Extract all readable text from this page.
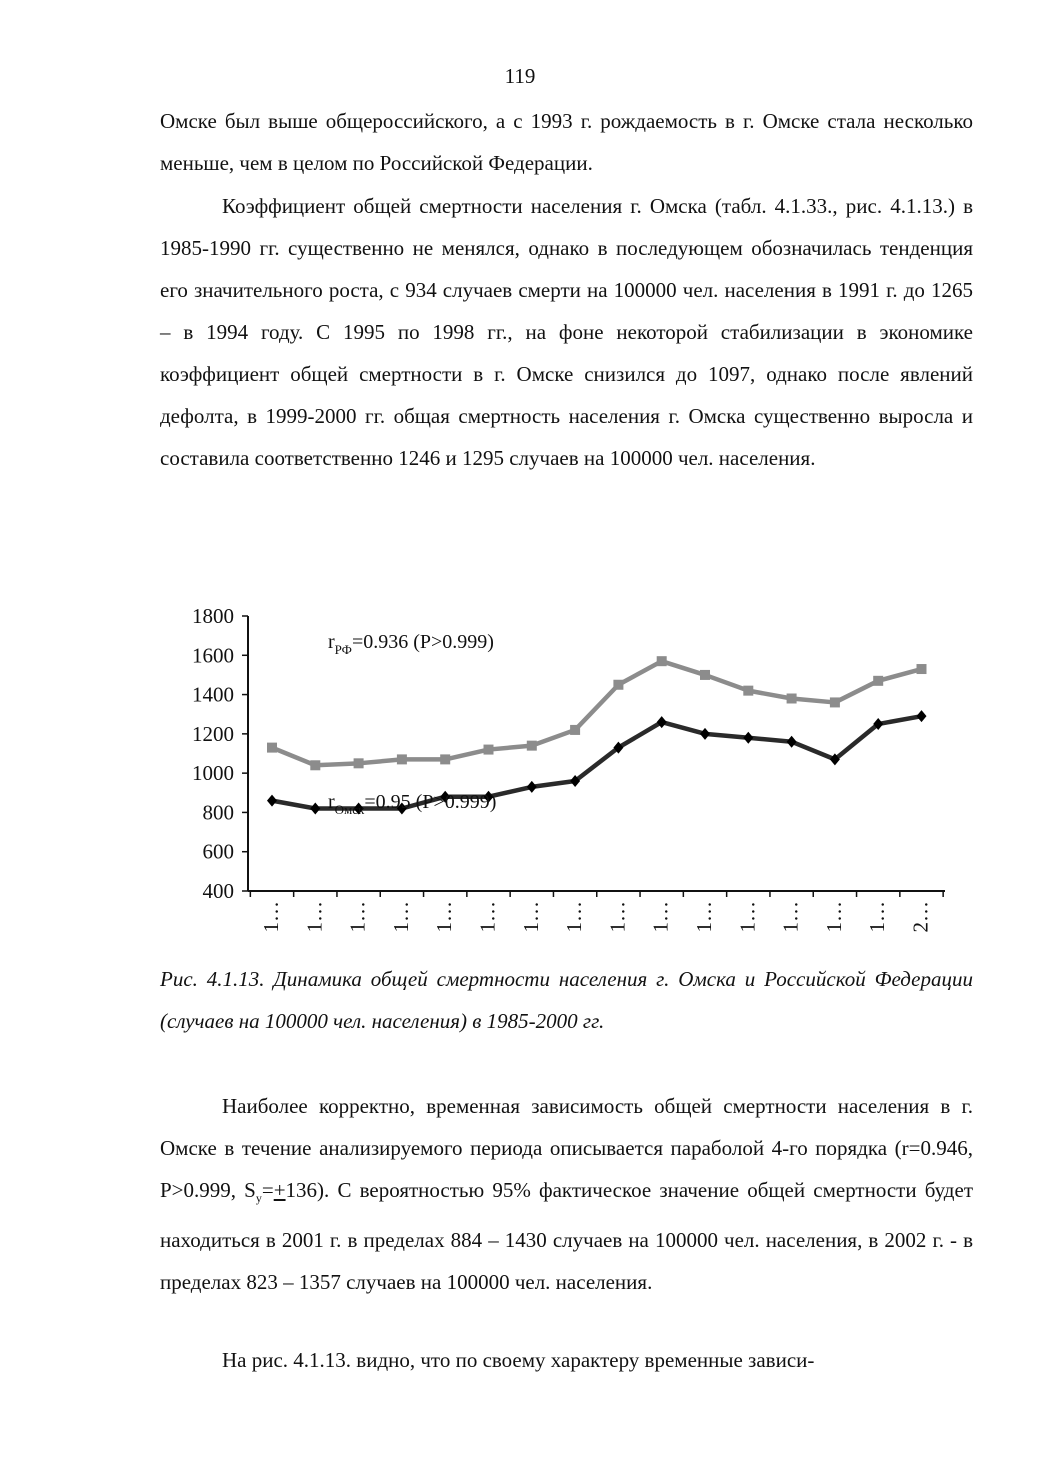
119

Омске был выше общероссийского, а с 1993 г. рождаемость в г. Омске стала несколько меньше, чем в целом по Российской Федерации.

Коэффициент общей смертности населения г. Омска (табл. 4.1.33., рис. 4.1.13.) в 1985-1990 гг. существенно не менялся, однако в последующем обозначилась тенденция его значительного роста, с 934 случаев смерти на 100000 чел. населения в 1991 г. до 1265 – в 1994 году. С 1995 по 1998 гг., на фоне некоторой стабилизации в экономике коэффициент общей смертности в г. Омске снизился до 1097, однако после явлений дефолта, в 1999-2000 гг. общая смертность населения г. Омска существенно выросла и составила соответственно 1246 и 1295 случаев на 100000 чел. населения.

400
600
800
1000
1200
1400
1600
1800
1… 1… 1… 1… 1… 1… 1… 1… 1… 1… 1… 1… 1… 1… 1… 2…
$r_{РФ}=0.936$ (P>0.999)
$r_{Омск}=0.95$ (P>0.999)

Рис. 4.1.13. Динамика общей смертности населения г. Омска и Российской Федерации (случаев на 100000 чел. населения) в 1985-2000 гг.

Наиболее корректно, временная зависимость общей смертности населения в г. Омске в течение анализируемого периода описывается параболой 4-го порядка (r=0.946, P>0.999, $S_y=+136$). С вероятностью 95% фактическое значение общей смертности будет находиться в 2001 г. в пределах 884 – 1430 случаев на 100000 чел. населения, в 2002 г. - в пределах 823 – 1357 случаев на 100000 чел. населения.

На рис. 4.1.13. видно, что по своему характеру временные зависи-
